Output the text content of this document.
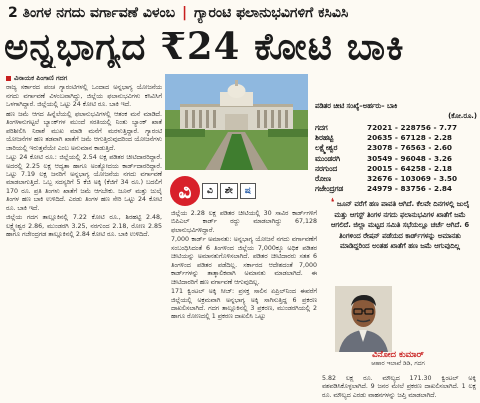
2 ತಿಂಗಳ ನಗದು ವರ್ಗಾವಣೆ ವಿಳಂಬ | ಗ್ಯಾರಂಟಿ ಫಲಾನುಭವಿಗಳಿಗೆ ಕಸಿವಿಸಿ
ಅನ್ನಭಾಗ್ಯದ ₹24 ಕೋಟಿ ಬಾಕಿ
ವಿನಾಯಕ ಪಿಂಗಾಣಿ ಗದಗ

ರಾಜ್ಯ ಸರ್ಕಾರದ ಪಂಚ ಗ್ಯಾರಂಟಿಗಳಲ್ಲಿ ಒಂದಾದ ಅನ್ನಭಾಗ್ಯ ಯೋಜನೆಯ ನಗದು ವರ್ಗಾವಣೆ ವಿಳಂಬವಾಗಿದ್ದು, ಜಿಲ್ಲೆಯ ಫಲಾನುಭವಿಗಳು ಕಸಿವಿಸಿಗೆ ಒಳಗಾಗಿದ್ದಾರೆ. ಜಿಲ್ಲೆಯಲ್ಲಿ ಒಟ್ಟು 24 ಕೋಟಿ ರೂ. ಬಾಕಿ ಇದೆ.

ಹಣ ಜಮೆ ಆಗದ ಹಿನ್ನೆಲೆಯಲ್ಲಿ ಫಲಾನುಭವಿಗಳಲ್ಲಿ ಆತಂಕ ಮನೆ ಮಾಡಿದೆ. ತಿಂಗಳಾನುಗಟ್ಟಲೆ ಬ್ಯಾಂಕ್‌ಗಳ ಮುಂದೆ ಸರತಿಯಲ್ಲಿ ನಿಂತು ಬ್ಯಾಂಕ್ ಖಾತೆ ಪರಿಶೀಲಿಸಿ ನಿರಾಶೆ ಮುಖ ಮಾಡಿ ಮನೆಗೆ ಮರಳುತ್ತಿದ್ದಾರೆ. ಗ್ಯಾರಂಟಿ ಯೋಜನೆಗಳ ಹಣ ತಡವಾಗಿ ಖಾತೆಗೆ ಜಮೆ ಆಗುತ್ತಿರುವುದರಿಂದ ಯೋಜನೆಗಳು ಜಾರಿಯಲ್ಲಿ ಇರುತ್ತವೆಯೇ ಎಂಬ ಅನುಮಾನ ಕಾಡುತ್ತಿದೆ.

ಒಟ್ಟು 24 ಕೋಟಿ ರೂ.: ಜಿಲ್ಲೆಯಲ್ಲಿ 2.54 ಲಕ್ಷ ಪಡಿತರ ಚೀಟಿದಾರರಿದ್ದಾರೆ. ಅದರಲ್ಲಿ 2.25 ಲಕ್ಷ ಆದ್ಯತಾ ಹಾಗೂ ಅಂತ್ಯೋದಯ ಕಾರ್ಡ್‌ದಾರರಿದ್ದಾರೆ. ಒಟ್ಟು 7.19 ಲಕ್ಷ ಜನರಿಗೆ ಅನ್ನಭಾಗ್ಯ ಯೋಜನೆಯ ನಗದು ವರ್ಗಾವಣೆ ಮಾಡಲಾಗುತ್ತಿದೆ. ಒಬ್ಬ ಸದಸ್ಯರಿಗೆ 5 ಕೆಜಿ ಅಕ್ಕಿ (ಕೆಜಿಗೆ 34 ರೂ.) ಬದಲಿಗೆ 170 ರೂ. ಪ್ರತಿ ತಿಂಗಳು ಖಾತೆಗೆ ಜಮೆ ಆಗಬೇಕು. ಜೂನ್ ಮತ್ತು ಜುಲೈ ತಿಂಗಳ ಹಣ ಬಾಕಿ ಉಳಿದಿದೆ. ಎರಡು ತಿಂಗಳ ಹಣ ಸೇರಿ ಒಟ್ಟು 24 ಕೋಟಿ ರೂ. ಬಾಕಿ ಇದೆ.

ಜಿಲ್ಲೆಯ ಗದಗ ತಾಲ್ಲೂಕಿನಲ್ಲಿ 7.22 ಕೋಟಿ ರೂ., ಶಿರಹಟ್ಟಿ 2.48, ಲಕ್ಷ್ಮೇಶ್ವರ 2.86, ಮುಂಡರಗಿ 3.25, ನರಗುಂದ 2.18, ರೋಣ 2.85 ಹಾಗೂ ಗಜೇಂದ್ರಗಡ ತಾಲ್ಲೂಕಿನಲ್ಲಿ 2.84 ಕೋಟಿ ರೂ. ಬಾಕಿ ಉಳಿದಿದೆ.

ಪಡಿತರ ಚೀಟಿ ಸಂಖ್ಯೆ–ಅರ್ಹರು– ಬಾಕಿ
(ಕೋ.ರೂ.)
ಗದಗ	72021 - 228756 - 7.77
ಶಿರಹಟ್ಟಿ	20635 - 67128 - 2.28
ಲಕ್ಷ್ಮೇಶ್ವರ	23078 - 76563 - 2.60
ಮುಂಡರಗಿ	30549 - 96048 - 3.26
ನರಗುಂದ	20015 - 64258 - 2.18
ರೋಣ	32676 - 103069 - 3.50
ಗಜೇಂದ್ರಗಡ	24979 - 83756 - 2.84
ವಿ	ವಿ	ಶೇ	ಷ

ಜಿಲ್ಲೆಯ 2.28 ಲಕ್ಷ ಪಡಿತರ ಚೀಟಿಯಲ್ಲಿ 30 ಸಾವಿರ ಕಾರ್ಡ್‌ಗಳಿಗೆ ಬಿಪಿಎಲ್ ಕಾರ್ಡ್ ರದ್ದು ಮಾಡಲಾಗಿದ್ದು 67,128 ಫಲಾನುಭವಿಗಳಿದ್ದಾರೆ.

7,000 ಕಾರ್ಡ್ ಅಮಾನತು: ಅನ್ನಭಾಗ್ಯ ಯೋಜನೆ ನಗದು ವರ್ಗಾವಣೆಗೆ ಸಂಬಂಧಿಸಿದಂತೆ 6 ತಿಂಗಳಿಂದ ಜಿಲ್ಲೆಯ 7,000ಕ್ಕೂ ಅಧಿಕ ಪಡಿತರ ಚೀಟಿಯನ್ನು ಅಮಾನತುಗೊಳಿಸಲಾಗಿದೆ. ಪಡಿತರ ಚೀಟಿದಾರರು ಸತತ 6 ತಿಂಗಳಿಂದ ಪಡಿತರ ಪಡೆದಿಲ್ಲ. ಸರ್ಕಾರದ ಆದೇಶದಂತೆ 7,000 ಕಾರ್ಡ್‌ಗಳನ್ನು ತಾತ್ಕಾಲಿಕವಾಗಿ ಅಮಾನತು ಮಾಡಲಾಗಿದೆ. ಈ ಚೀಟಿದಾರರಿಗೆ ಹಣ ವರ್ಗಾವಣೆ ಆಗುವುದಿಲ್ಲ.

171 ಕ್ವಿಂಟಲ್ ಅಕ್ಕಿ ಸೀಜ್: ಪ್ರಸಕ್ತ ಸಾಲಿನ ಏಪ್ರಿಲ್‌ನಿಂದ ಈವರೆಗೆ ಜಿಲ್ಲೆಯಲ್ಲಿ ಅಕ್ರಮವಾಗಿ ಅನ್ನಭಾಗ್ಯ ಅಕ್ಕಿ ಸಾಗಿಸುತ್ತಿದ್ದ 6 ಪ್ರಕರಣ ದಾಖಲಿಸಲಾಗಿದೆ. ಗದಗ ತಾಲ್ಲೂಕಿನಲ್ಲಿ 3 ಪ್ರಕರಣ, ಮುಂಡರಗಿಯಲ್ಲಿ 2 ಹಾಗೂ ರೋಣದಲ್ಲಿ 1 ಪ್ರಕರಣ ದಾಖಲಿಸಿ ಒಟ್ಟು

❛ ಜೂನ್ ವರೆಗೆ ಹಣ ಪಾವತಿ ಆಗಿದೆ. ಕೆಲವೇ ದಿನಗಳಲ್ಲಿ ಜುಲೈ ಮತ್ತು ಆಗಸ್ಟ್ ತಿಂಗಳ ನಗದು ಫಲಾನುಭವಿಗಳ ಖಾತೆಗೆ ಜಮೆ ಆಗಲಿದೆ. ಜಿಲ್ಲಾ ಮಟ್ಟದ ಸಮಿತಿ ಸಭೆಯಲ್ಲೂ ಚರ್ಚೆ ಆಗಿದೆ. 6 ತಿಂಗಳಿಂದ ರೇಷನ್ ಪಡೆಯದ ಕಾರ್ಡ್‌ಗಳನ್ನು ಅಮಾನತು ಮಾಡಿದ್ದರಿಂದ ಅಂತಹ ಖಾತೆಗೆ ಹಣ ಜಮೆ ಆಗುವುದಿಲ್ಲ
ವಿನೋದ ಕುಮಾರ್
ಆಹಾರ ಇಲಾಖೆ ಡಿಡಿ, ಗದಗ

5.82 ಲಕ್ಷ ರೂ. ಮೌಲ್ಯದ 171.30 ಕ್ವಿಂಟಲ್ ಅಕ್ಕಿ ವಶಪಡಿಸಿಕೊಳ್ಳಲಾಗಿದೆ. 9 ಜನರ ಮೇಲೆ ಪ್ರಕರಣ ದಾಖಲಿಸಲಾಗಿದೆ. 1 ಲಕ್ಷ ರೂ. ಮೌಲ್ಯದ ಎರಡು ವಾಹನಗಳನ್ನು ಜಪ್ತಿ ಮಾಡಲಾಗಿದೆ.
